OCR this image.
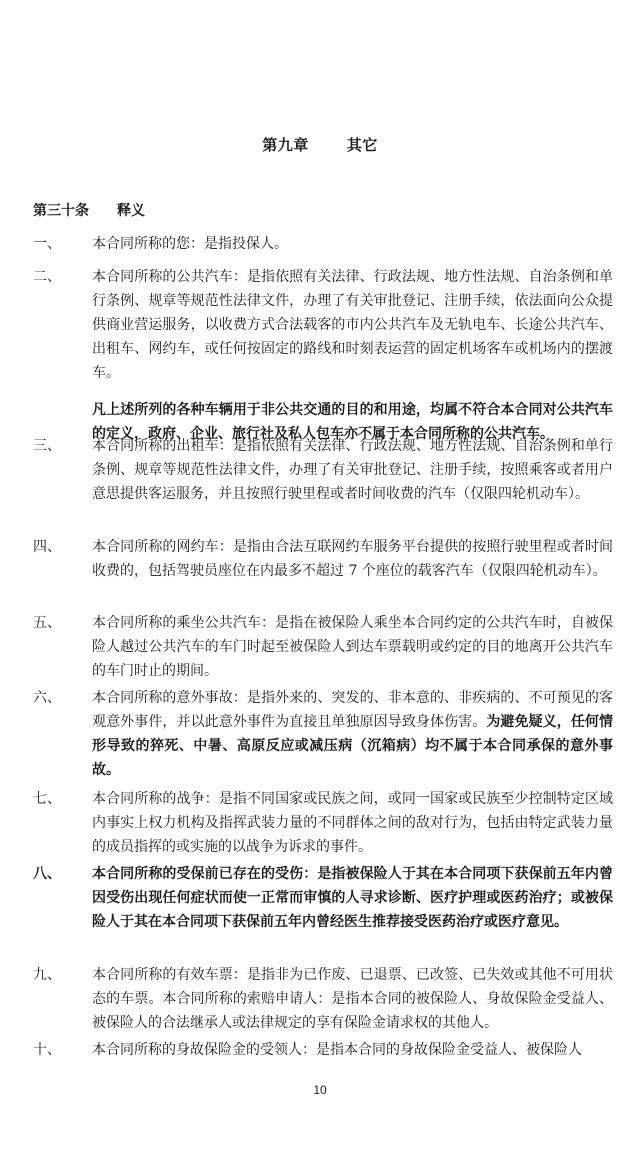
第九章	其它
第三十条 释义
一、	本合同所称的您：是指投保人。
二、	本合同所称的公共汽车：是指依照有关法律、行政法规、地方性法规、自治条例和单行条例、规章等规范性法律文件，办理了有关审批登记、注册手续，依法面向公众提供商业营运服务，以收费方式合法载客的市内公共汽车及无轨电车、长途公共汽车、出租车、网约车，或任何按固定的路线和时刻表运营的固定机场客车或机场内的摆渡车。
凡上述所列的各种车辆用于非公共交通的目的和用途，均属不符合本合同对公共汽车的定义，政府、企业、旅行社及私人包车亦不属于本合同所称的公共汽车。
三、	本合同所称的出租车：是指依照有关法律、行政法规、地方性法规、自治条例和单行条例、规章等规范性法律文件，办理了有关审批登记、注册手续，按照乘客或者用户意思提供客运服务，并且按照行驶里程或者时间收费的汽车（仅限四轮机动车）。
四、	本合同所称的网约车：是指由合法互联网约车服务平台提供的按照行驶里程或者时间收费的，包括驾驶员座位在内最多不超过 7 个座位的载客汽车（仅限四轮机动车）。
五、	本合同所称的乘坐公共汽车：是指在被保险人乘坐本合同约定的公共汽车时，自被保险人越过公共汽车的车门时起至被保险人到达车票载明或约定的目的地离开公共汽车的车门时止的期间。
六、	本合同所称的意外事故：是指外来的、突发的、非本意的、非疾病的、不可预见的客观意外事件，并以此意外事件为直接且单独原因导致身体伤害。为避免疑义，任何情形导致的猝死、中暑、高原反应或减压病（沉箱病）均不属于本合同承保的意外事故。
七、	本合同所称的战争：是指不同国家或民族之间，或同一国家或民族至少控制特定区域内事实上权力机构及指挥武装力量的不同群体之间的敌对行为，包括由特定武装力量的成员指挥的或实施的以战争为诉求的事件。
八、	本合同所称的受保前已存在的受伤：是指被保险人于其在本合同项下获保前五年内曾因受伤出现任何症状而使一正常而审慎的人寻求诊断、医疗护理或医药治疗；或被保险人于其在本合同项下获保前五年内曾经医生推荐接受医药治疗或医疗意见。
九、	本合同所称的有效车票：是指非为已作废、已退票、已改签、已失效或其他不可用状态的车票。本合同所称的索赔申请人：是指本合同的被保险人、身故保险金受益人、被保险人的合法继承人或法律规定的享有保险金请求权的其他人。
十、	本合同所称的身故保险金的受领人：是指本合同的身故保险金受益人、被保险人
10
